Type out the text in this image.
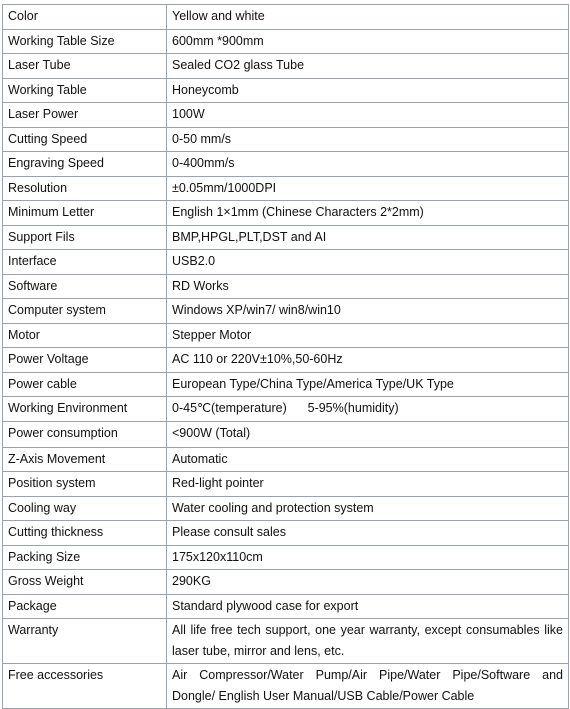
Color	Yellow and white
Working Table Size	600mm *900mm
Laser Tube	Sealed CO2 glass Tube
Working Table	Honeycomb
Laser Power	100W
Cutting Speed	0-50 mm/s
Engraving Speed	0-400mm/s
Resolution	±0.05mm/1000DPI
Minimum Letter	English 1×1mm (Chinese Characters 2*2mm)
Support Fils	BMP,HPGL,PLT,DST and AI
Interface	USB2.0
Software	RD Works
Computer system	Windows XP/win7/ win8/win10
Motor	Stepper Motor
Power Voltage	AC 110 or 220V±10%,50-60Hz
Power cable	European Type/China Type/America Type/UK Type
Working Environment	0-45℃(temperature)      5-95%(humidity)
Power consumption	<900W (Total)
Z-Axis Movement	Automatic
Position system	Red-light pointer
Cooling way	Water cooling and protection system
Cutting thickness	Please consult sales
Packing Size	175x120x110cm
Gross Weight	290KG
Package	Standard plywood case for export
Warranty	All life free tech support, one year warranty, except consumables like laser tube, mirror and lens, etc.
Free accessories	Air Compressor/Water Pump/Air Pipe/Water Pipe/Software and Dongle/ English User Manual/USB Cable/Power Cable
